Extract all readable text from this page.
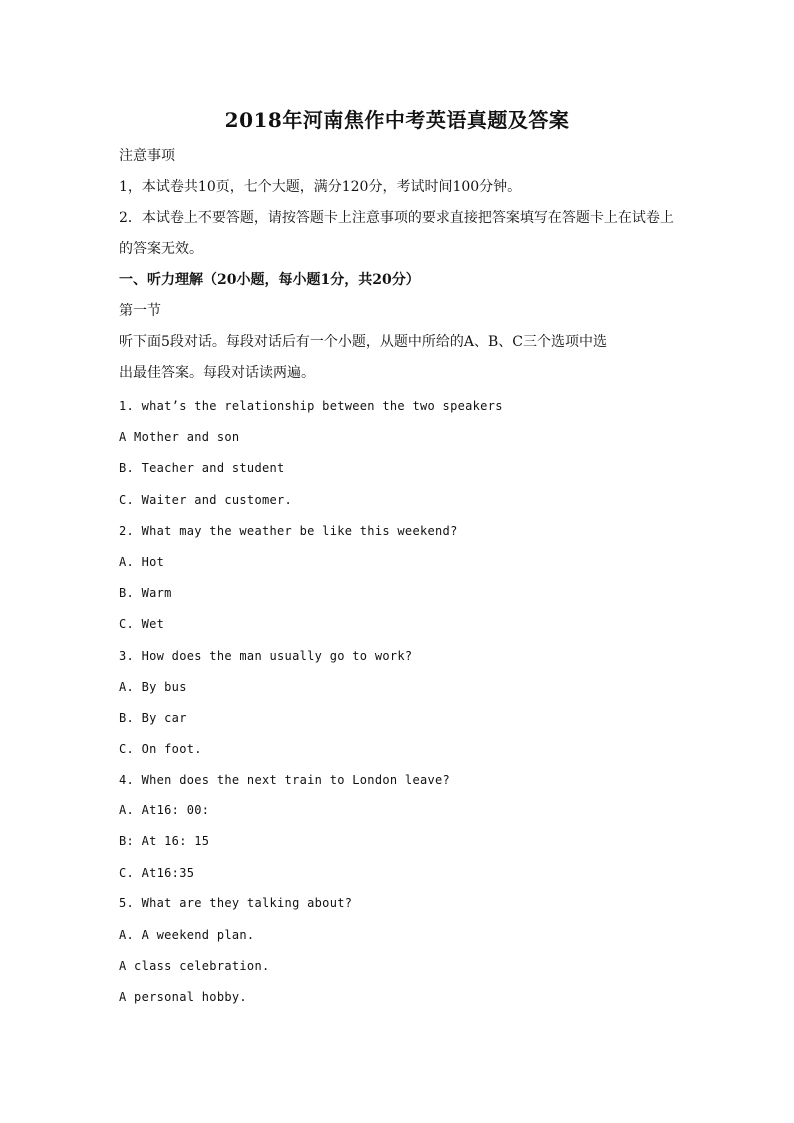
2018年河南焦作中考英语真题及答案
注意事项
1，本试卷共10页，七个大题，满分120分，考试时间100分钟。
2．本试卷上不要答题，请按答题卡上注意事项的要求直接把答案填写在答题卡上在试卷上
的答案无效。
一、听力理解（20小题，每小题1分，共20分）
第一节
听下面5段对话。每段对话后有一个小题，从题中所给的A、B、C三个选项中选
出最佳答案。每段对话读两遍。
1. what’s the relationship between the two speakers
A Mother and son
B. Teacher and student
C. Waiter and customer.
2. What may the weather be like this weekend?
A. Hot
B. Warm
C. Wet
3. How does the man usually go to work?
A. By bus
B. By car
C. On foot.
4. When does the next train to London leave?
A. At16: 00:
B: At 16: 15
C. At16:35
5. What are they talking about?
A. A weekend plan.
A class celebration.
A personal hobby.
